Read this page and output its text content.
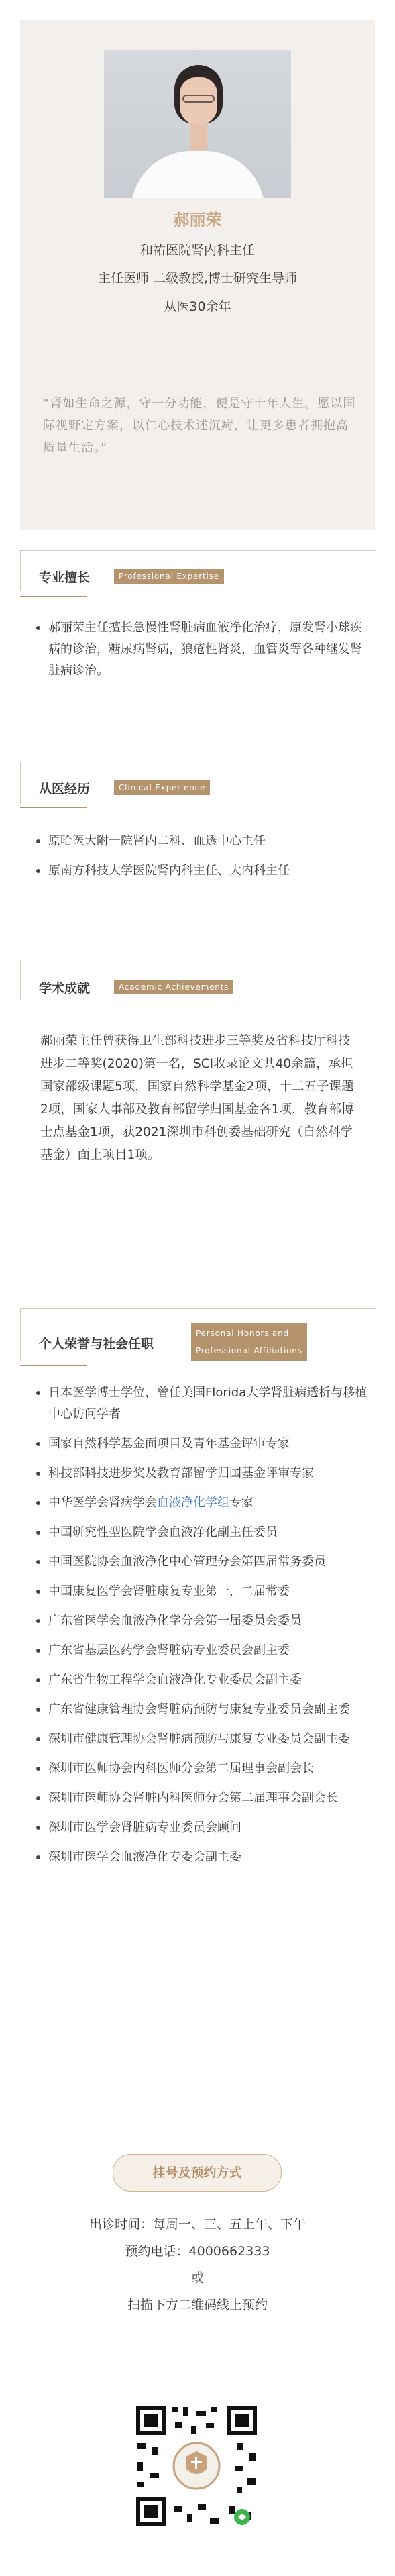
郝丽荣
和祐医院肾内科主任
主任医师 二级教授,博士研究生导师
从医30余年
“肾如生命之源，守一分功能，便是守十年人生。愿以国际视野定方案，以仁心技术述沉疴，让更多患者拥抱高质量生活。”
专业擅长	Professional Expertise
郝丽荣主任擅长急慢性肾脏病血液净化治疗，原发肾小球疾病的诊治，糖尿病肾病，狼疮性肾炎，血管炎等各种继发肾脏病诊治。
从医经历	Clinical Experience
原哈医大附一院肾内二科、血透中心主任
原南方科技大学医院肾内科主任、大内科主任
学术成就	Academic Achievements
郝丽荣主任曾获得卫生部科技进步三等奖及省科技厅科技进步二等奖(2020)第一名，SCI收录论文共40余篇，承担国家部级课题5项，国家自然科学基金2项，十二五子课题2项，国家人事部及教育部留学归国基金各1项，教育部博士点基金1项，获2021深圳市科创委基础研究（自然科学基金）面上项目1项。
个人荣誉与社会任职
Personal Honors and
Professional Affiliations
日本医学博士学位，曾任美国Florida大学肾脏病透析与移植中心访问学者
国家自然科学基金面项目及青年基金评审专家
科技部科技进步奖及教育部留学归国基金评审专家
中华医学会肾病学会血液净化学组专家
中国研究性型医院学会血液净化副主任委员
中国医院协会血液净化中心管理分会第四届常务委员
中国康复医学会肾脏康复专业第一，二届常委
广东省医学会血液净化学分会第一届委员会委员
广东省基层医药学会肾脏病专业委员会副主委
广东省生物工程学会血液净化专业委员会副主委
广东省健康管理协会肾脏病预防与康复专业委员会副主委
深圳市健康管理协会肾脏病预防与康复专业委员会副主委
深圳市医师协会内科医师分会第二届理事会副会长
深圳市医师协会肾脏内科医师分会第二届理事会副会长
深圳市医学会肾脏病专业委员会顾问
深圳市医学会血液净化专委会副主委
挂号及预约方式
出诊时间：每周一、三、五上午、下午
预约电话：4000662333
或
扫描下方二维码线上预约
